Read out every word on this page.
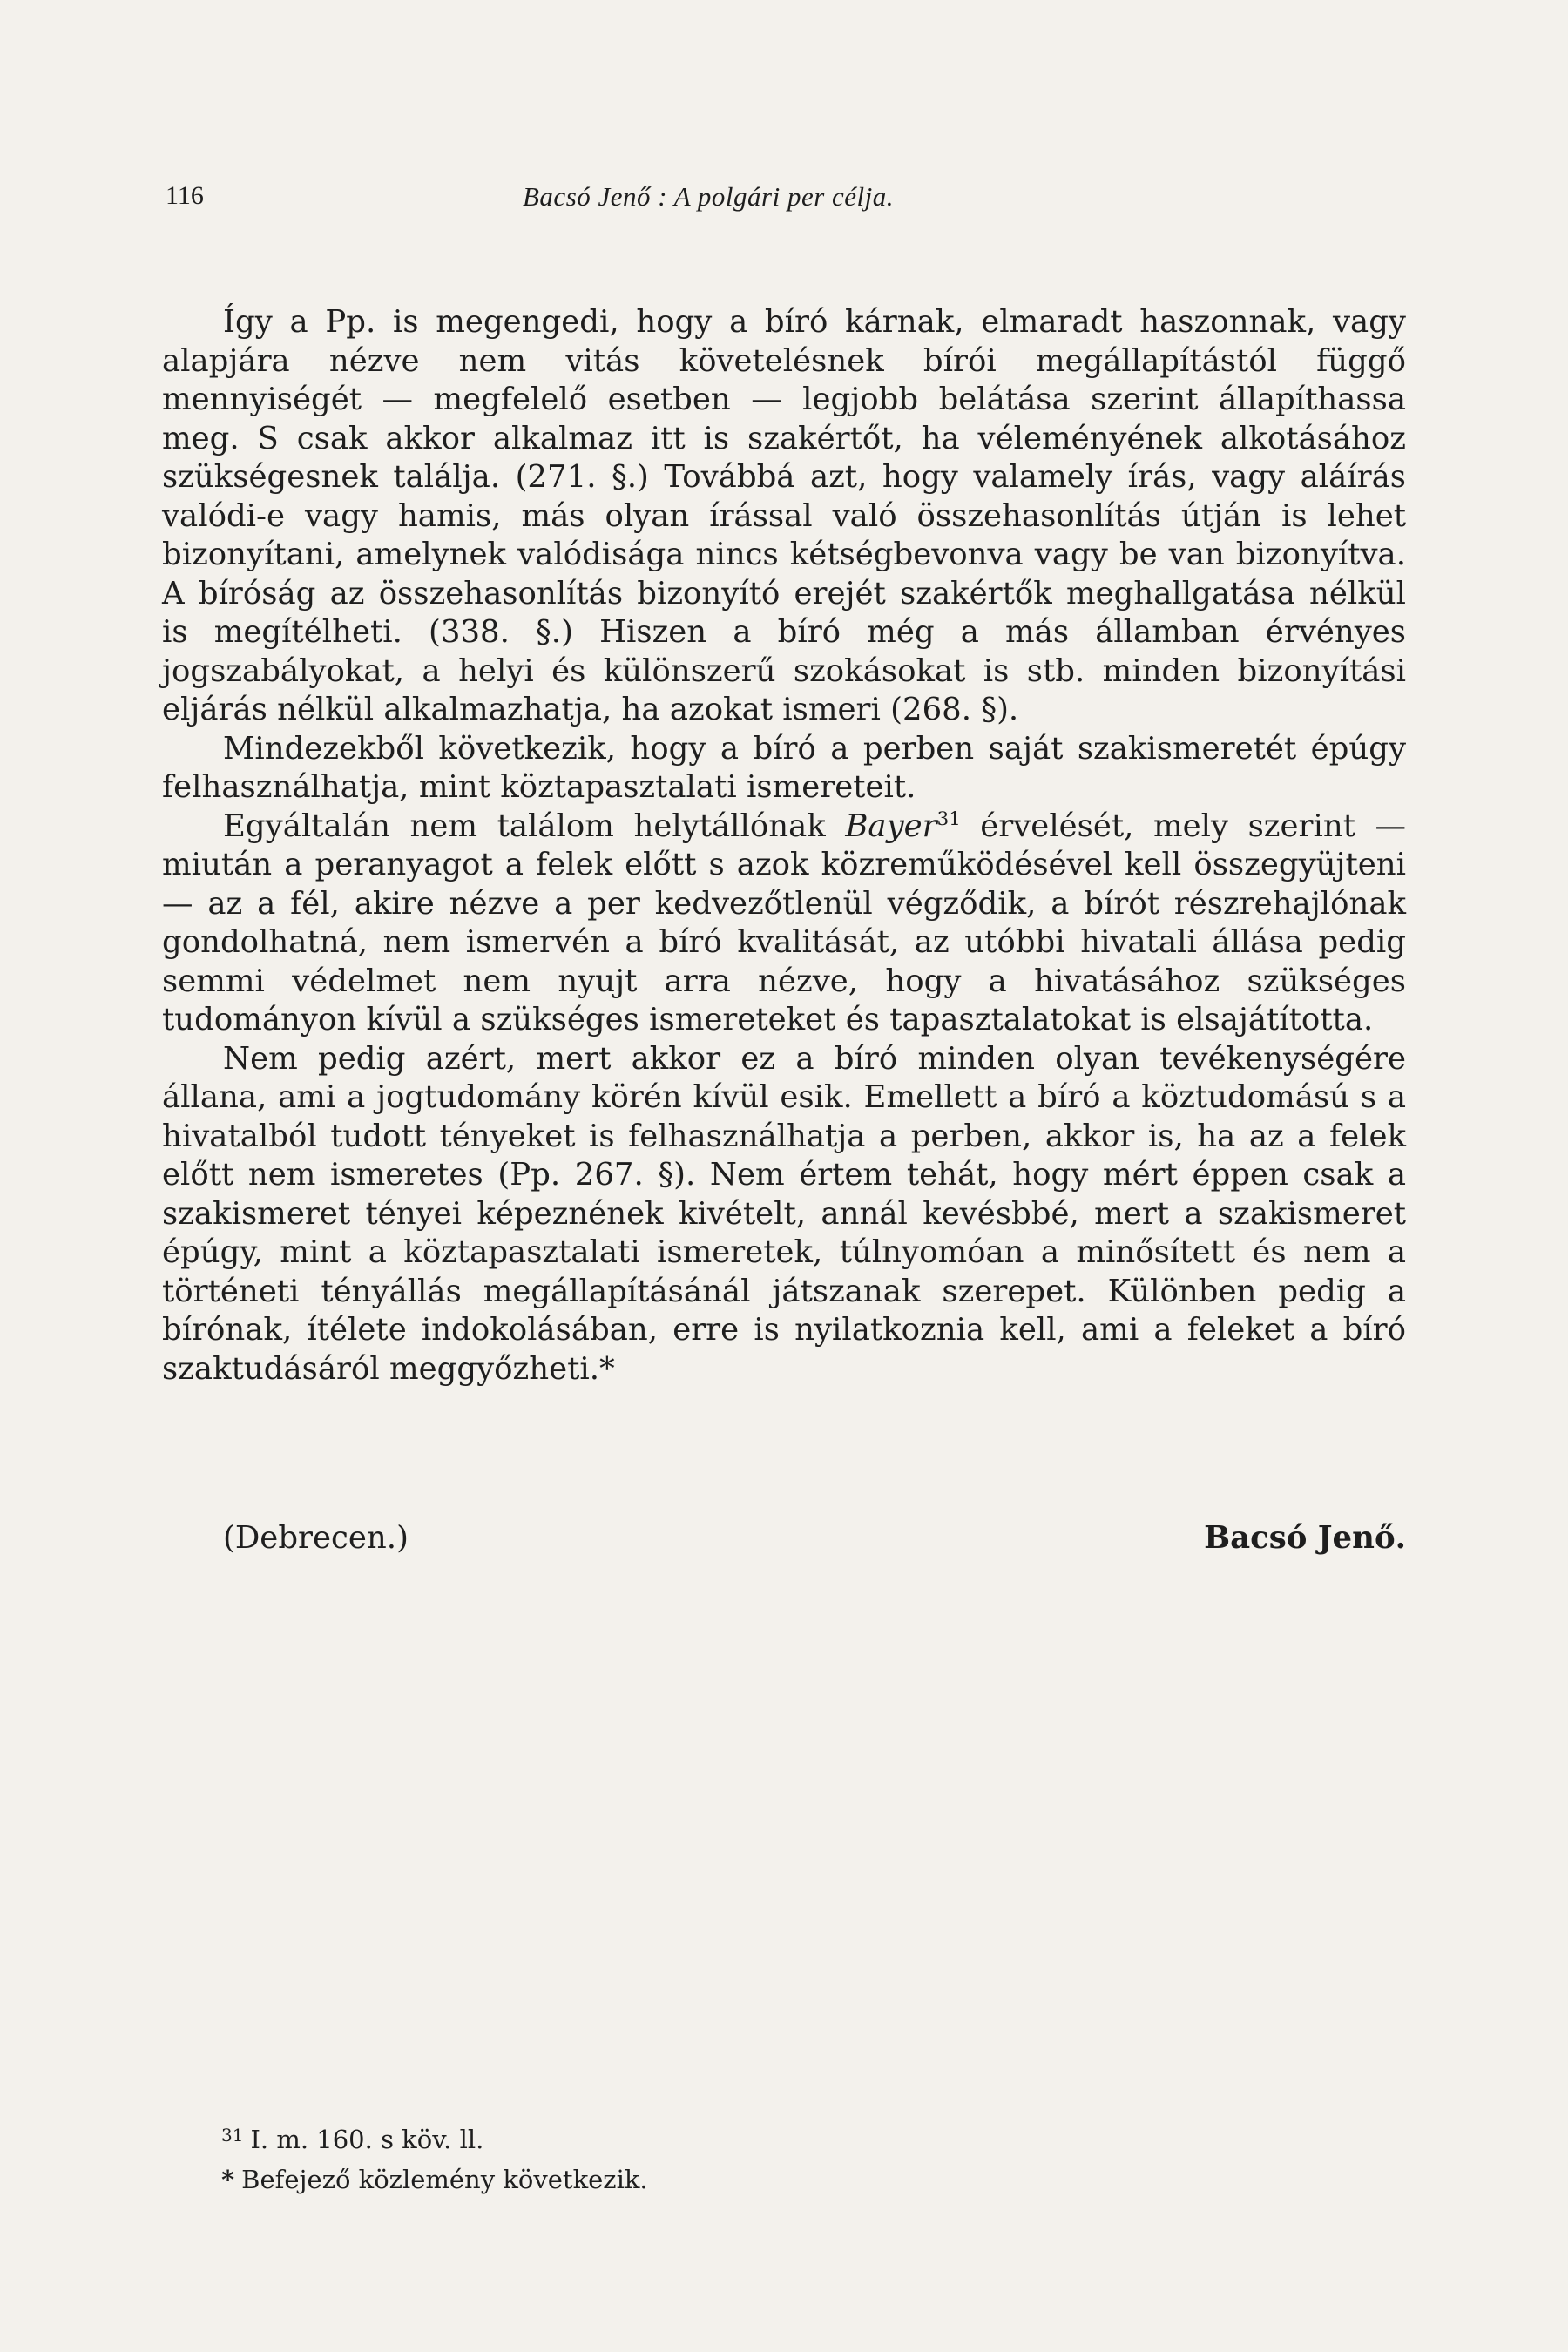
116	Bacsó Jenő : A polgári per célja.

Így a Pp. is megengedi, hogy a bíró kárnak, elmaradt haszonnak, vagy alapjára nézve nem vitás követelésnek bírói megállapítástól függő mennyiségét — megfelelő esetben — legjobb belátása szerint állapíthassa meg. S csak akkor alkalmaz itt is szakértőt, ha véleményének alkotásához szükségesnek találja. (271. §.) Továbbá azt, hogy valamely írás, vagy aláírás valódi-e vagy hamis, más olyan írással való összehasonlítás útján is lehet bizonyítani, amelynek valódisága nincs kétségbevonva vagy be van bizonyítva. A bíróság az összehasonlítás bizonyító erejét szakértők meghallgatása nélkül is megítélheti. (338. §.) Hiszen a bíró még a más államban érvényes jogszabályokat, a helyi és különszerű szokásokat is stb. minden bizonyítási eljárás nélkül alkalmazhatja, ha azokat ismeri (268. §).

Mindezekből következik, hogy a bíró a perben saját szakismeretét épúgy felhasználhatja, mint köztapasztalati ismereteit.

Egyáltalán nem találom helytállónak Bayer$^{31}$ érvelését, mely szerint — miután a peranyagot a felek előtt s azok közreműködésével kell összegyüjteni — az a fél, akire nézve a per kedvezőtlenül végződik, a bírót részrehajlónak gondolhatná, nem ismervén a bíró kvalitását, az utóbbi hivatali állása pedig semmi védelmet nem nyujt arra nézve, hogy a hivatásához szükséges tudományon kívül a szükséges ismereteket és tapasztalatokat is elsajátította.

Nem pedig azért, mert akkor ez a bíró minden olyan tevékenységére állana, ami a jogtudomány körén kívül esik. Emellett a bíró a köztudomású s a hivatalból tudott tényeket is felhasználhatja a perben, akkor is, ha az a felek előtt nem ismeretes (Pp. 267. §). Nem értem tehát, hogy mért éppen csak a szakismeret tényei képeznének kivételt, annál kevésbbé, mert a szakismeret épúgy, mint a köztapasztalati ismeretek, túlnyomóan a minősített és nem a történeti tényállás megállapításánál játszanak szerepet. Különben pedig a bírónak, ítélete indokolásában, erre is nyilatkoznia kell, ami a feleket a bíró szaktudásáról meggyőzheti.*

(Debrecen.)	Bacsó Jenő.
$^{31}$ I. m. 160. s köv. ll.
* Befejező közlemény következik.
